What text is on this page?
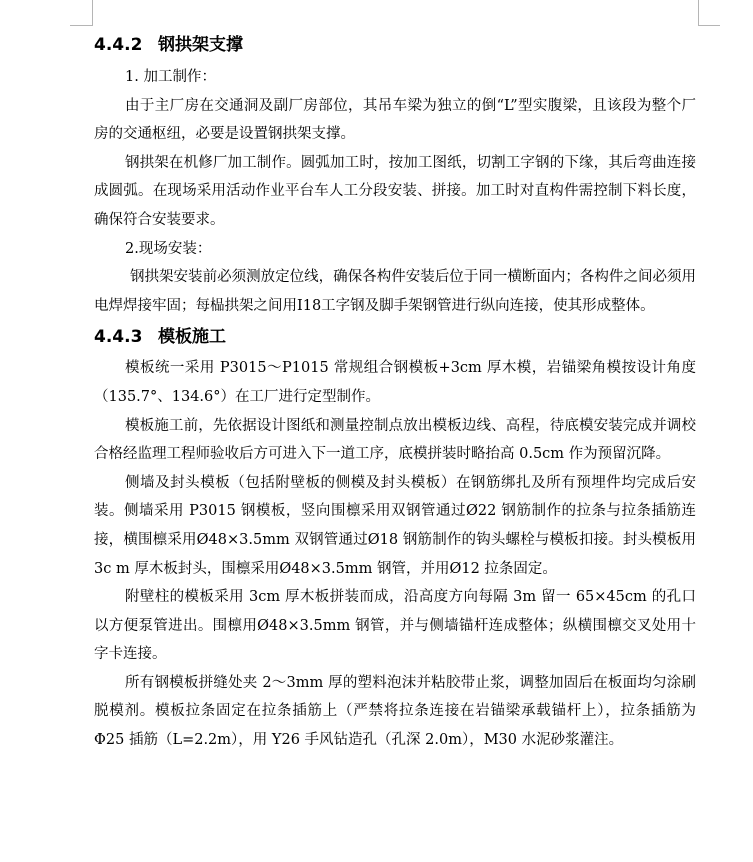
4.4.2 钢拱架支撑

1. 加工制作：

由于主厂房在交通洞及副厂房部位，其吊车梁为独立的倒“L”型实腹梁，且该段为整个厂房的交通枢纽，必要是设置钢拱架支撑。

钢拱架在机修厂加工制作。圆弧加工时，按加工图纸，切割工字钢的下缘，其后弯曲连接成圆弧。在现场采用活动作业平台车人工分段安装、拼接。加工时对直构件需控制下料长度，确保符合安装要求。

2.现场安装：

钢拱架安装前必须测放定位线，确保各构件安装后位于同一横断面内；各构件之间必须用电焊焊接牢固；每榀拱架之间用I18工字钢及脚手架钢管进行纵向连接，使其形成整体。

4.4.3 模板施工

模板统一采用 P3015～P1015 常规组合钢模板+3cm 厚木模，岩锚梁角模按设计角度（135.7°、134.6°）在工厂进行定型制作。

模板施工前，先依据设计图纸和测量控制点放出模板边线、高程，待底模安装完成并调校合格经监理工程师验收后方可进入下一道工序，底模拼装时略抬高 0.5cm 作为预留沉降。

侧墙及封头模板（包括附壁板的侧模及封头模板）在钢筋绑扎及所有预埋件均完成后安装。侧墙采用 P3015 钢模板，竖向围檩采用双钢管通过Ø22 钢筋制作的拉条与拉条插筋连接，横围檩采用Ø48×3.5mm 双钢管通过Ø18 钢筋制作的钩头螺栓与模板扣接。封头模板用 3c m 厚木板封头，围檩采用Ø48×3.5mm 钢管，并用Ø12 拉条固定。

附壁柱的模板采用 3cm 厚木板拼装而成，沿高度方向每隔 3m 留一 65×45cm 的孔口以方便泵管进出。围檩用Ø48×3.5mm 钢管，并与侧墙锚杆连成整体；纵横围檩交叉处用十字卡连接。

所有钢模板拼缝处夹 2～3mm 厚的塑料泡沫并粘胶带止浆，调整加固后在板面均匀涂刷脱模剂。模板拉条固定在拉条插筋上（严禁将拉条连接在岩锚梁承载锚杆上），拉条插筋为Φ25 插筋（L=2.2m），用 Y26 手风钻造孔（孔深 2.0m），M30 水泥砂浆灌注。
